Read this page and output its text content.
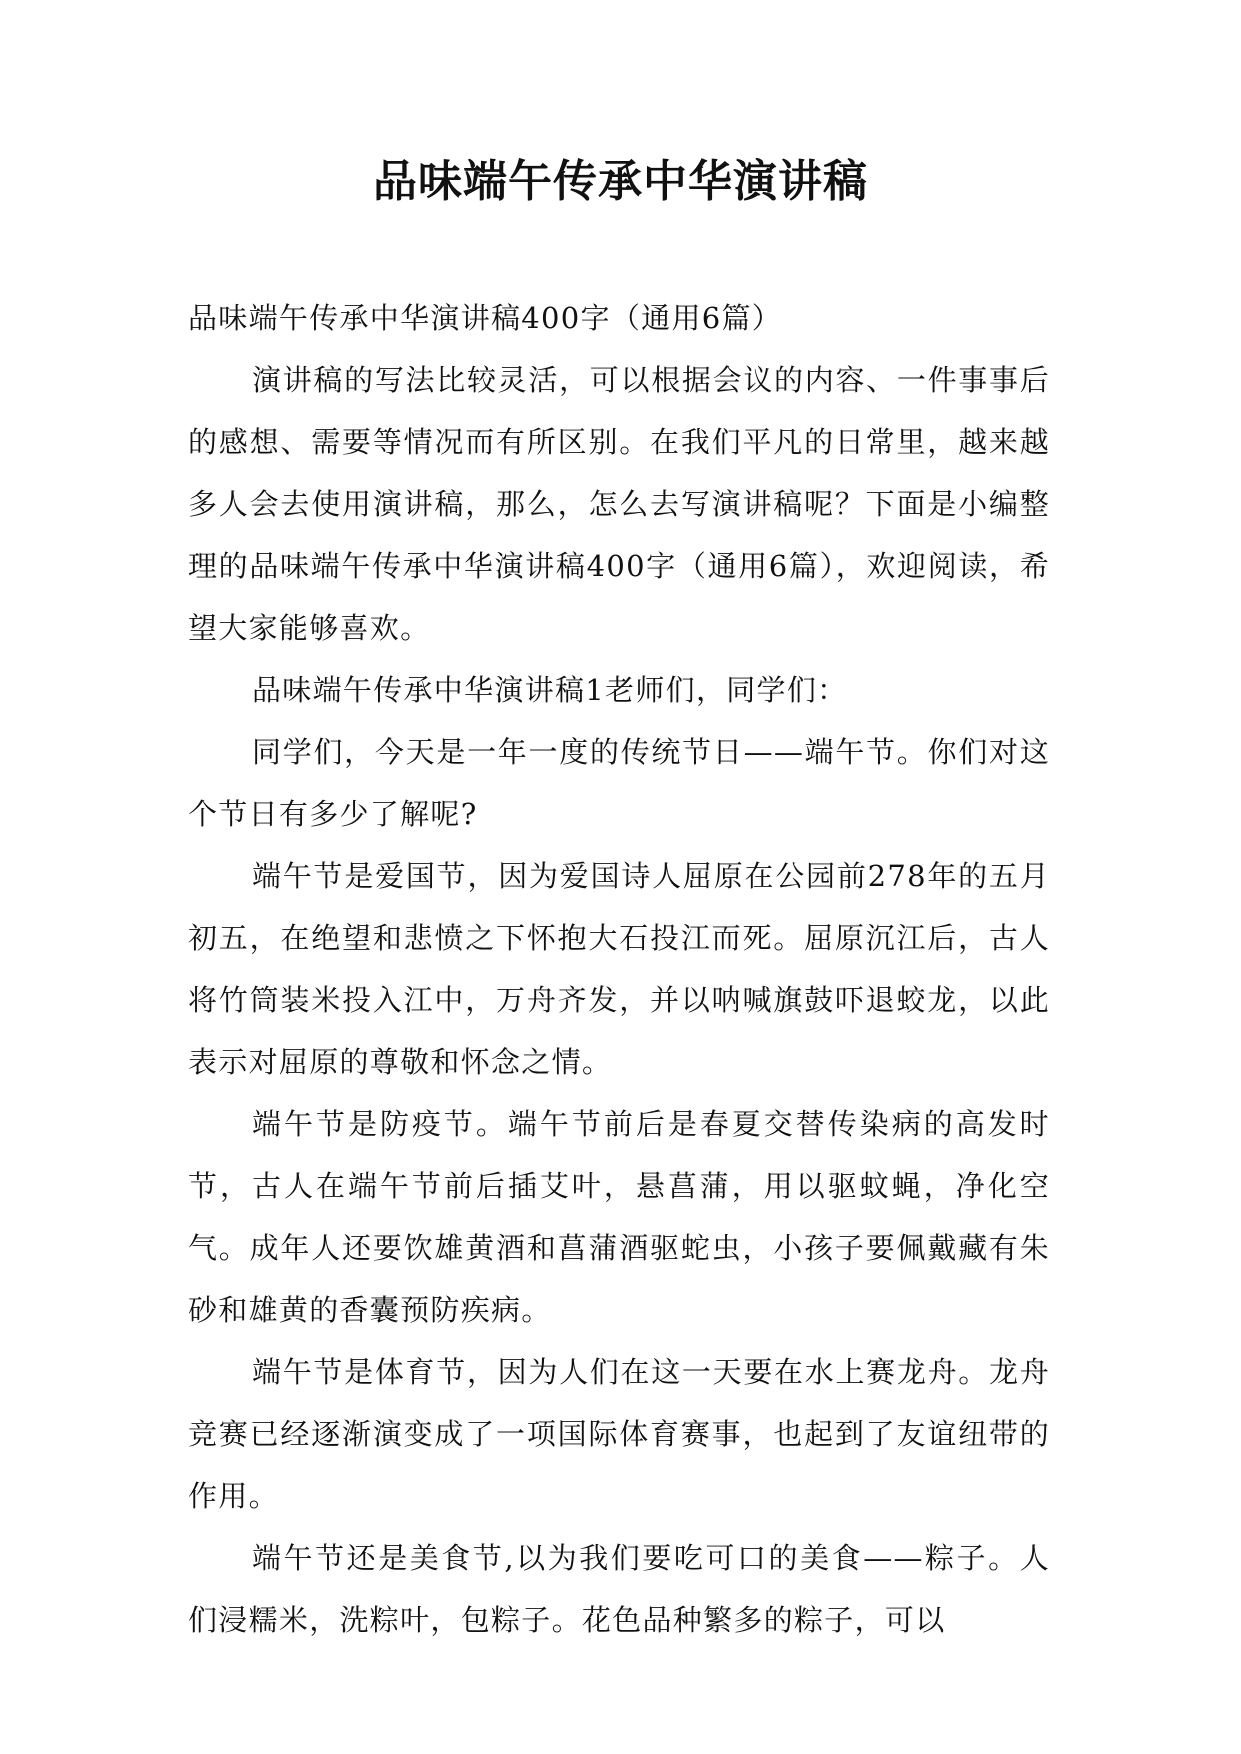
品味端午传承中华演讲稿

品味端午传承中华演讲稿400字（通用6篇）

演讲稿的写法比较灵活，可以根据会议的内容、一件事事后的感想、需要等情况而有所区别。在我们平凡的日常里，越来越多人会去使用演讲稿，那么，怎么去写演讲稿呢？下面是小编整理的品味端午传承中华演讲稿400字（通用6篇），欢迎阅读，希望大家能够喜欢。

品味端午传承中华演讲稿1老师们，同学们：

同学们，今天是一年一度的传统节日——端午节。你们对这个节日有多少了解呢?

端午节是爱国节，因为爱国诗人屈原在公园前278年的五月初五，在绝望和悲愤之下怀抱大石投江而死。屈原沉江后，古人将竹筒装米投入江中，万舟齐发，并以呐喊旗鼓吓退蛟龙，以此表示对屈原的尊敬和怀念之情。

端午节是防疫节。端午节前后是春夏交替传染病的高发时节，古人在端午节前后插艾叶，悬菖蒲，用以驱蚊蝇，净化空气。成年人还要饮雄黄酒和菖蒲酒驱蛇虫，小孩子要佩戴藏有朱砂和雄黄的香囊预防疾病。

端午节是体育节，因为人们在这一天要在水上赛龙舟。龙舟竞赛已经逐渐演变成了一项国际体育赛事，也起到了友谊纽带的作用。

端午节还是美食节,以为我们要吃可口的美食——粽子。人们浸糯米，洗粽叶，包粽子。花色品种繁多的粽子，可以
